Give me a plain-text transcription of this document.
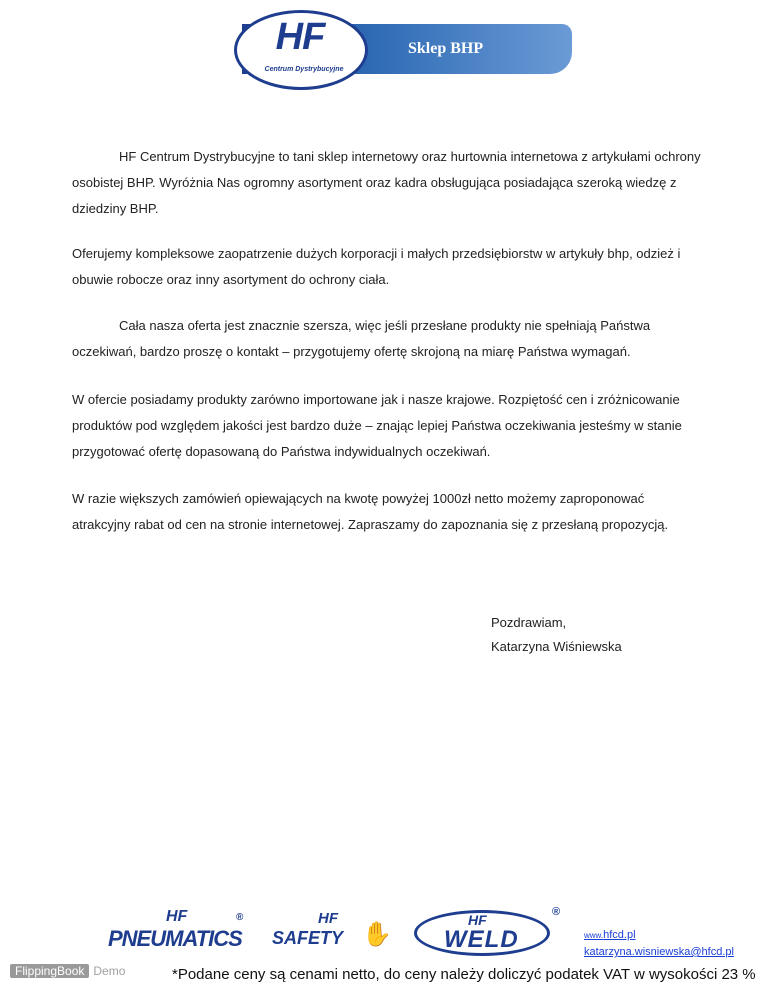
Sklep BHP
HF
Centrum Dystrybucyjne

HF Centrum Dystrybucyjne to tani sklep internetowy oraz hurtownia internetowa z artykułami ochrony osobistej BHP. Wyróżnia Nas ogromny asortyment oraz kadra obsługująca posiadająca szeroką wiedzę z dziedziny BHP.

Oferujemy kompleksowe zaopatrzenie dużych korporacji i małych przedsiębiorstw w artykuły bhp, odzież i obuwie robocze oraz inny asortyment do ochrony ciała.

Cała nasza oferta jest znacznie szersza, więc jeśli przesłane produkty nie spełniają Państwa oczekiwań, bardzo proszę o kontakt – przygotujemy ofertę skrojoną na miarę Państwa wymagań.

W ofercie posiadamy produkty zarówno importowane jak i nasze krajowe. Rozpiętość cen i zróżnicowanie produktów pod względem jakości jest bardzo duże – znając lepiej Państwa oczekiwania jesteśmy w stanie przygotować ofertę dopasowaną do Państwa indywidualnych oczekiwań.

W razie większych zamówień opiewających na kwotę powyżej 1000zł netto możemy zaproponować atrakcyjny rabat od cen na stronie internetowej. Zapraszamy do zapoznania się z przesłaną propozycją.

Pozdrawiam,
Katarzyna Wiśniewska
HF
PNEUMATICS
®	HF
SAFETY ✋
HF
WELD
®
www.hfcd.pl
katarzyna.wisniewska@hfcd.pl
FlippingBook Demo	*Podane ceny są cenami netto, do ceny należy doliczyć podatek VAT w wysokości 23 %
